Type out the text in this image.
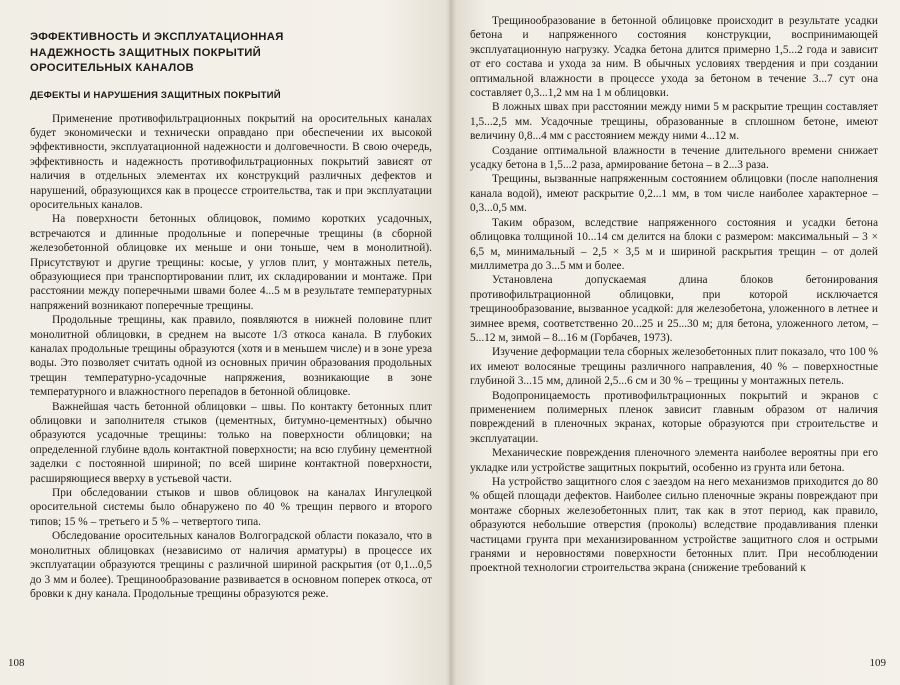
ЭФФЕКТИВНОСТЬ И ЭКСПЛУАТАЦИОННАЯ НАДЕЖНОСТЬ ЗАЩИТНЫХ ПОКРЫТИЙ ОРОСИТЕЛЬНЫХ КАНАЛОВ
ДЕФЕКТЫ И НАРУШЕНИЯ ЗАЩИТНЫХ ПОКРЫТИЙ

Применение противофильтрационных покрытий на оросительных каналах будет экономически и технически оправдано при обеспечении их высокой эффективности, эксплуатационной надежности и долговечности. В свою очередь, эффективность и надежность противофильтрационных покрытий зависят от наличия в отдельных элементах их конструкций различных дефектов и нарушений, образующихся как в процессе строительства, так и при эксплуатации оросительных каналов.

На поверхности бетонных облицовок, помимо коротких усадочных, встречаются и длинные продольные и поперечные трещины (в сборной железобетонной облицовке их меньше и они тоньше, чем в монолитной). Присутствуют и другие трещины: косые, у углов плит, у монтажных петель, образующиеся при транспортировании плит, их складировании и монтаже. При расстоянии между поперечными швами более 4...5 м в результате температурных напряжений возникают поперечные трещины.

Продольные трещины, как правило, появляются в нижней половине плит монолитной облицовки, в среднем на высоте 1/3 откоса канала. В глубоких каналах продольные трещины образуются (хотя и в меньшем числе) и в зоне уреза воды. Это позволяет считать одной из основных причин образования продольных трещин температурно-усадочные напряжения, возникающие в зоне температурного и влажностного перепадов в бетонной облицовке.

Важнейшая часть бетонной облицовки – швы. По контакту бетонных плит облицовки и заполнителя стыков (цементных, битумно-цементных) обычно образуются усадочные трещины: только на поверхности облицовки; на определенной глубине вдоль контактной поверхности; на всю глубину цементной заделки с постоянной шириной; по всей ширине контактной поверхности, расширяющиеся вверху в устьевой части.

При обследовании стыков и швов облицовок на каналах Ингулецкой оросительной системы было обнаружено по 40 % трещин первого и второго типов; 15 % – третьего и 5 % – четвертого типа.

Обследование оросительных каналов Волгоградской области показало, что в монолитных облицовках (независимо от наличия арматуры) в процессе их эксплуатации образуются трещины с различной шириной раскрытия (от 0,1...0,5 до 3 мм и более). Трещинообразование развивается в основном поперек откоса, от бровки к дну канала. Продольные трещины образуются реже.

108

Трещинообразование в бетонной облицовке происходит в результате усадки бетона и напряженного состояния конструкции, воспринимающей эксплуатационную нагрузку. Усадка бетона длится примерно 1,5...2 года и зависит от его состава и ухода за ним. В обычных условиях твердения и при создании оптимальной влажности в процессе ухода за бетоном в течение 3...7 сут она составляет 0,3...1,2 мм на 1 м облицовки.

В ложных швах при расстоянии между ними 5 м раскрытие трещин составляет 1,5...2,5 мм. Усадочные трещины, образованные в сплошном бетоне, имеют величину 0,8...4 мм с расстоянием между ними 4...12 м.

Создание оптимальной влажности в течение длительного времени снижает усадку бетона в 1,5...2 раза, армирование бетона – в 2...3 раза.

Трещины, вызванные напряженным состоянием облицовки (после наполнения канала водой), имеют раскрытие 0,2...1 мм, в том числе наиболее характерное – 0,3...0,5 мм.

Таким образом, вследствие напряженного состояния и усадки бетона облицовка толщиной 10...14 см делится на блоки с размером: максимальный – 3 × 6,5 м, минимальный – 2,5 × 3,5 м и шириной раскрытия трещин – от долей миллиметра до 3...5 мм и более.

Установлена допускаемая длина блоков бетонирования противофильтрационной облицовки, при которой исключается трещинообразование, вызванное усадкой: для железобетона, уложенного в летнее и зимнее время, соответственно 20...25 и 25...30 м; для бетона, уложенного летом, – 5...12 м, зимой – 8...16 м (Горбачев, 1973).

Изучение деформации тела сборных железобетонных плит показало, что 100 % их имеют волосяные трещины различного направления, 40 % – поверхностные глубиной 3...15 мм, длиной 2,5...6 см и 30 % – трещины у монтажных петель.

Водопроницаемость противофильтрационных покрытий и экранов с применением полимерных пленок зависит главным образом от наличия повреждений в пленочных экранах, которые образуются при строительстве и эксплуатации.

Механические повреждения пленочного элемента наиболее вероятны при его укладке или устройстве защитных покрытий, особенно из грунта или бетона.

На устройство защитного слоя с заездом на него механизмов приходится до 80 % общей площади дефектов. Наиболее сильно пленочные экраны повреждают при монтаже сборных железобетонных плит, так как в этот период, как правило, образуются небольшие отверстия (проколы) вследствие продавливания пленки частицами грунта при механизированном устройстве защитного слоя и острыми гранями и неровностями поверхности бетонных плит. При несоблюдении проектной технологии строительства экрана (снижение требований к

109
